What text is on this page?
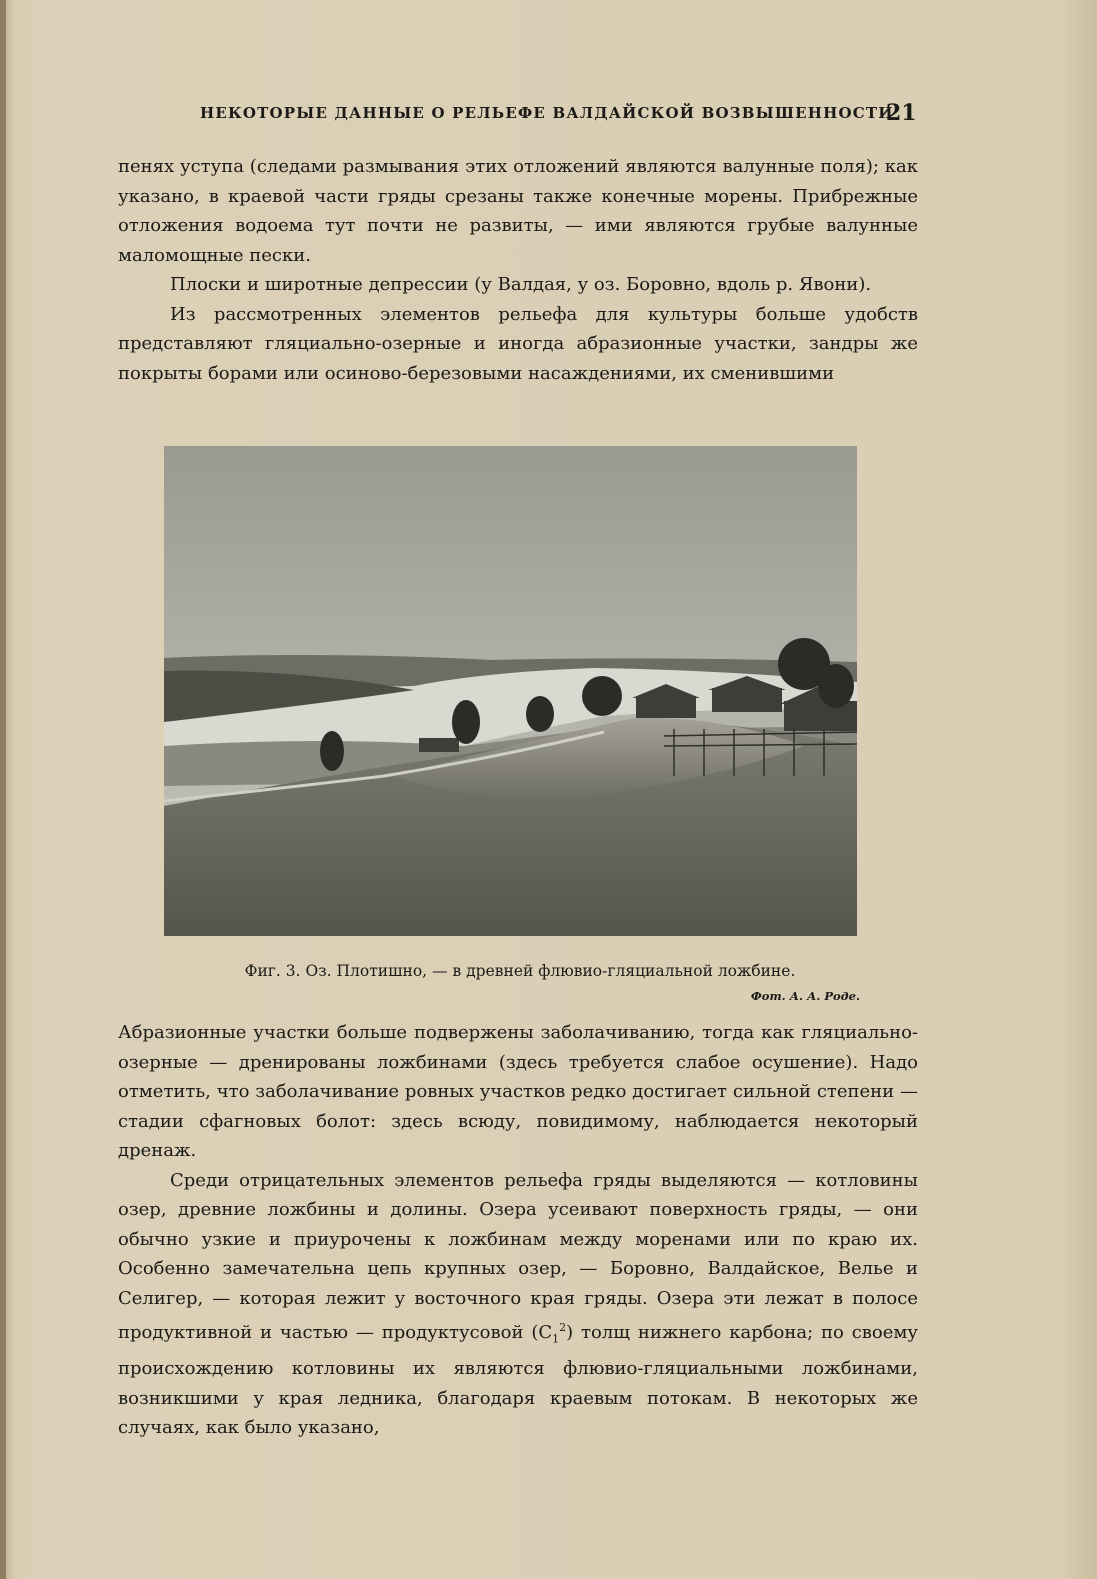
НЕКОТОРЫЕ ДАННЫЕ О РЕЛЬЕФЕ ВАЛДАЙСКОЙ ВОЗВЫШЕННОСТИ
21

пенях уступа (следами размывания этих отложений являются валунные поля); как указано, в краевой части гряды срезаны также конечные морены. Прибрежные отложения водоема тут почти не развиты, — ими являются грубые валунные маломощные пески.

Плоски и широтные депрессии (у Валдая, у оз. Боровно, вдоль р. Явони).

Из рассмотренных элементов рельефа для культуры больше удобств представляют гляциально-озерные и иногда абразионные участки, зандры же покрыты борами или осиново-березовыми насаждениями, их сменившими

Фиг. 3. Оз. Плотишно, — в древней флювио-гляциальной ложбине.
Фот. А. А. Роде.

Абразионные участки больше подвержены заболачиванию, тогда как гляциально-озерные — дренированы ложбинами (здесь требуется слабое осушение). Надо отметить, что заболачивание ровных участков редко достигает сильной степени — стадии сфагновых болот: здесь всюду, повидимому, наблюдается некоторый дренаж.

Среди отрицательных элементов рельефа гряды выделяются — котловины озер, древние ложбины и долины. Озера усеивают поверхность гряды, — они обычно узкие и приурочены к ложбинам между моренами или по краю их. Особенно замечательна цепь крупных озер, — Боровно, Валдайское, Велье и Селигер, — которая лежит у восточного края гряды. Озера эти лежат в полосе продуктивной и частью — продуктусовой $(C_1^2)$ толщ нижнего карбона; по своему происхождению котловины их являются флювио-гляциальными ложбинами, возникшими у края ледника, благодаря краевым потокам. В некоторых же случаях, как было указано,
